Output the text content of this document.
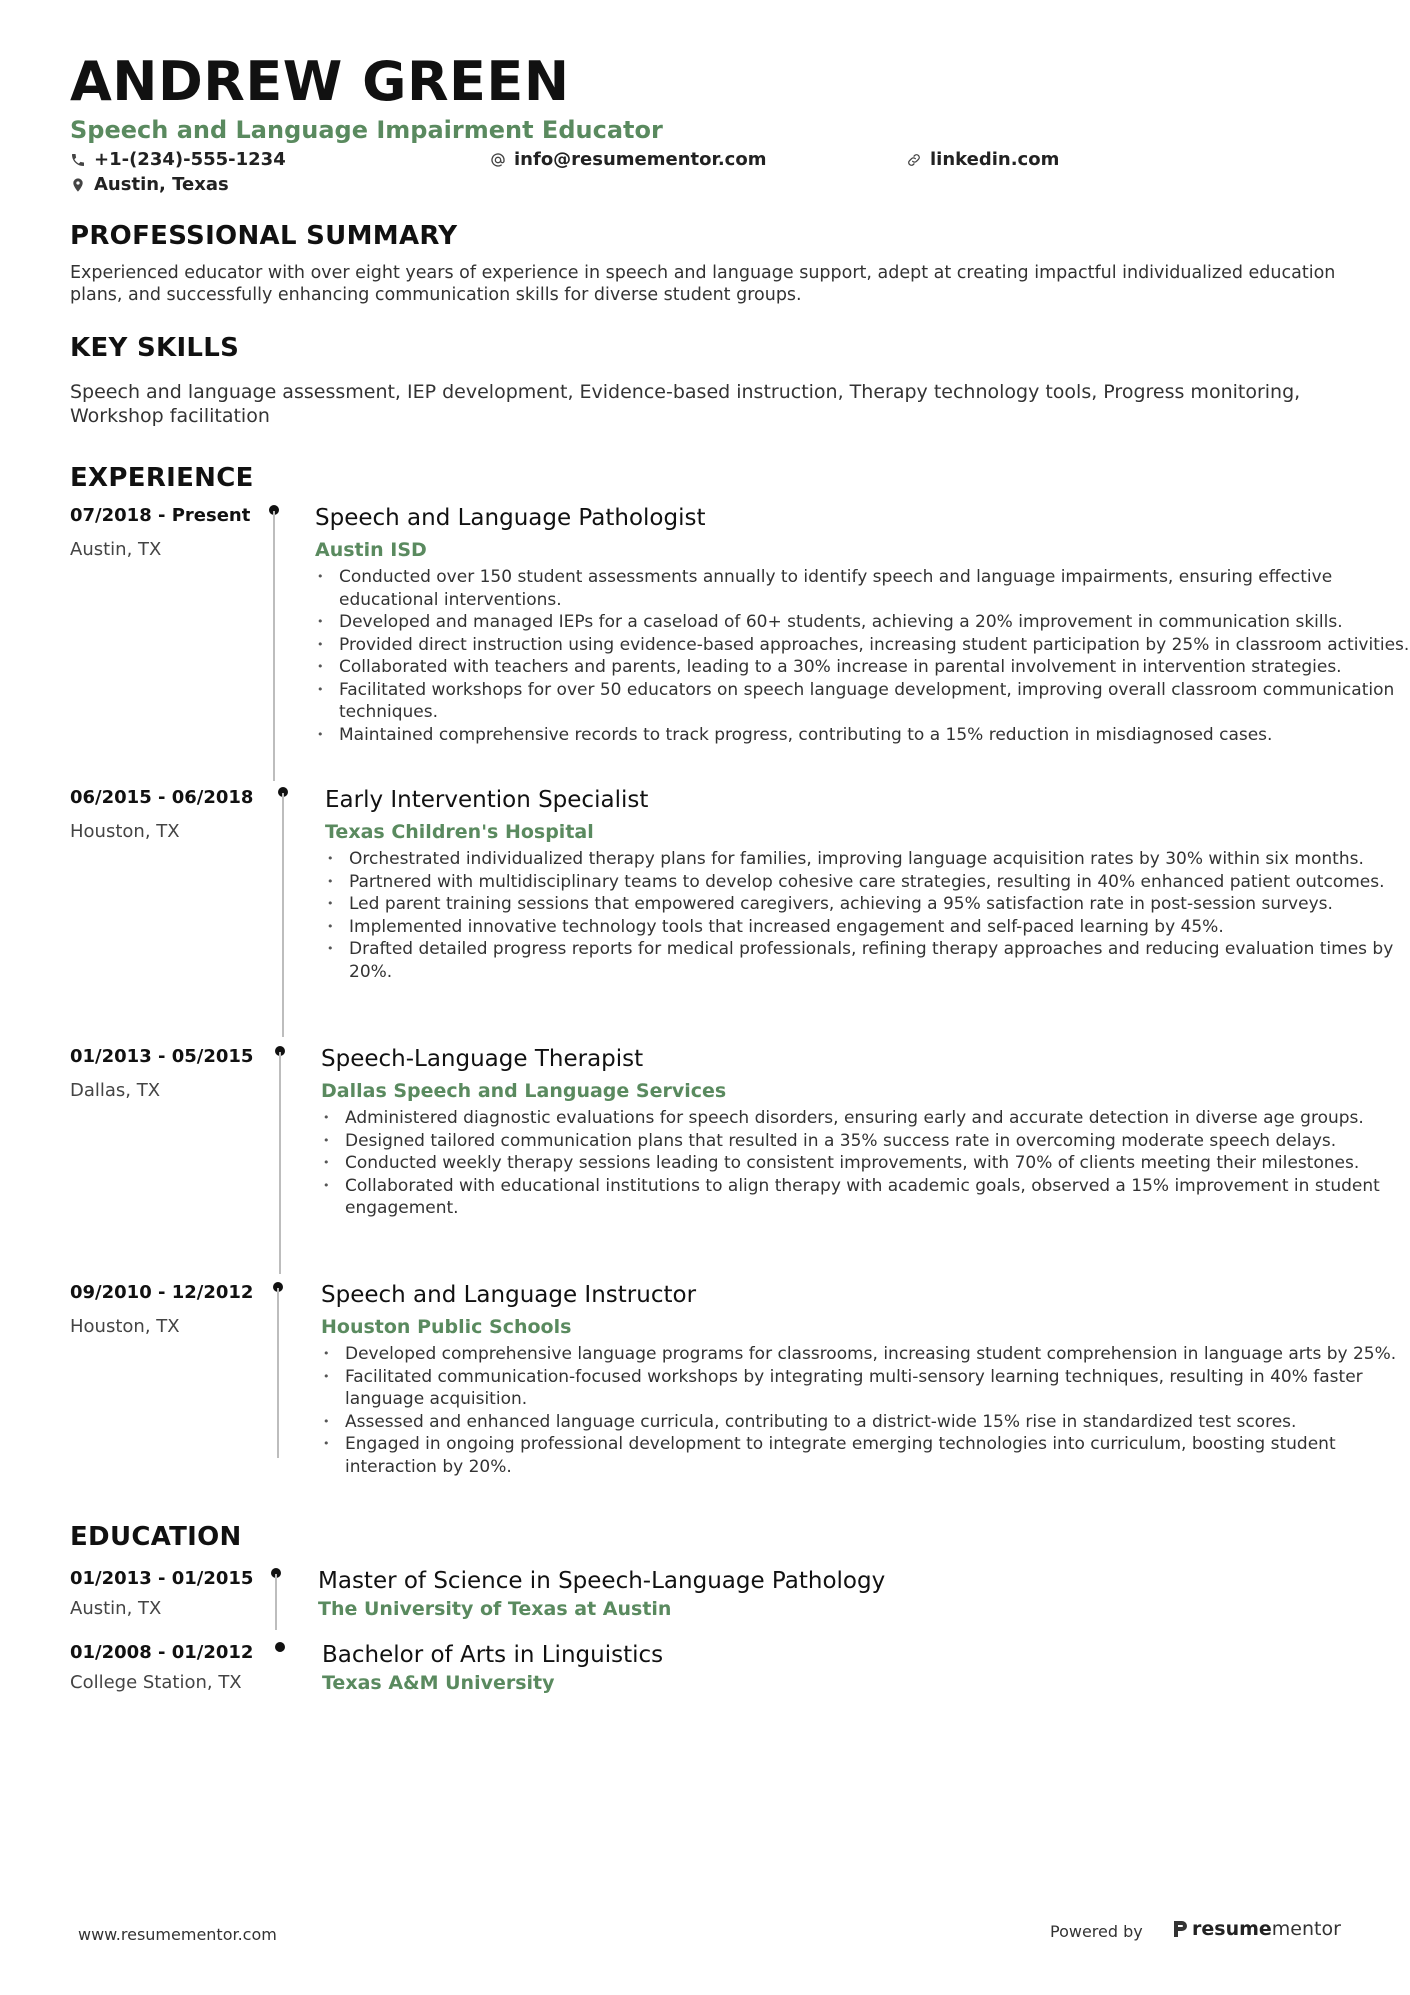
ANDREW GREEN
Speech and Language Impairment Educator
+1-(234)-555-1234	info@resumementor.com	linkedin.com
Austin, Texas
PROFESSIONAL SUMMARY
Experienced educator with over eight years of experience in speech and language support, adept at creating impactful individualized education plans, and successfully enhancing communication skills for diverse student groups.
KEY SKILLS
Speech and language assessment, IEP development, Evidence-based instruction, Therapy technology tools, Progress monitoring, Workshop facilitation
EXPERIENCE
07/2018 - Present
Austin, TX
Speech and Language Pathologist
Austin ISD
• Conducted over 150 student assessments annually to identify speech and language impairments, ensuring effective educational interventions.
• Developed and managed IEPs for a caseload of 60+ students, achieving a 20% improvement in communication skills.
• Provided direct instruction using evidence-based approaches, increasing student participation by 25% in classroom activities.
• Collaborated with teachers and parents, leading to a 30% increase in parental involvement in intervention strategies.
• Facilitated workshops for over 50 educators on speech language development, improving overall classroom communication techniques.
• Maintained comprehensive records to track progress, contributing to a 15% reduction in misdiagnosed cases.
06/2015 - 06/2018
Houston, TX
Early Intervention Specialist
Texas Children's Hospital
• Orchestrated individualized therapy plans for families, improving language acquisition rates by 30% within six months.
• Partnered with multidisciplinary teams to develop cohesive care strategies, resulting in 40% enhanced patient outcomes.
• Led parent training sessions that empowered caregivers, achieving a 95% satisfaction rate in post-session surveys.
• Implemented innovative technology tools that increased engagement and self-paced learning by 45%.
• Drafted detailed progress reports for medical professionals, refining therapy approaches and reducing evaluation times by 20%.
01/2013 - 05/2015
Dallas, TX
Speech-Language Therapist
Dallas Speech and Language Services
• Administered diagnostic evaluations for speech disorders, ensuring early and accurate detection in diverse age groups.
• Designed tailored communication plans that resulted in a 35% success rate in overcoming moderate speech delays.
• Conducted weekly therapy sessions leading to consistent improvements, with 70% of clients meeting their milestones.
• Collaborated with educational institutions to align therapy with academic goals, observed a 15% improvement in student engagement.
09/2010 - 12/2012
Houston, TX
Speech and Language Instructor
Houston Public Schools
• Developed comprehensive language programs for classrooms, increasing student comprehension in language arts by 25%.
• Facilitated communication-focused workshops by integrating multi-sensory learning techniques, resulting in 40% faster language acquisition.
• Assessed and enhanced language curricula, contributing to a district-wide 15% rise in standardized test scores.
• Engaged in ongoing professional development to integrate emerging technologies into curriculum, boosting student interaction by 20%.
EDUCATION
01/2013 - 01/2015
Austin, TX
Master of Science in Speech-Language Pathology
The University of Texas at Austin
01/2008 - 01/2012
College Station, TX
Bachelor of Arts in Linguistics
Texas A&M University
www.resumementor.com	Powered by	resumementor
